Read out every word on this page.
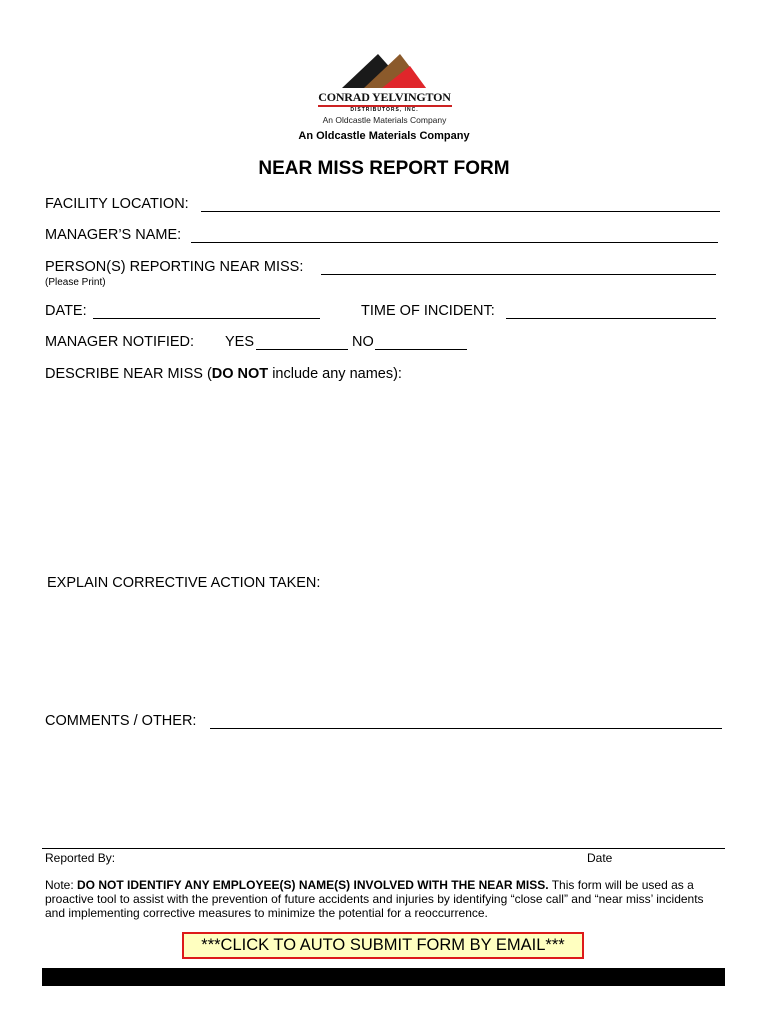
CONRAD YELVINGTON
DISTRIBUTORS, INC.
An Oldcastle Materials Company
An Oldcastle Materials Company
NEAR MISS REPORT FORM
FACILITY LOCATION:
MANAGER’S NAME:
PERSON(S) REPORTING NEAR MISS:
(Please Print)
DATE:	TIME OF INCIDENT:
MANAGER NOTIFIED: YES	NO
DESCRIBE NEAR MISS (DO NOT include any names):
EXPLAIN CORRECTIVE ACTION TAKEN:
COMMENTS / OTHER:
Reported By:	Date
Note: DO NOT IDENTIFY ANY EMPLOYEE(S) NAME(S) INVOLVED WITH THE NEAR MISS. This form will be used as a proactive tool to assist with the prevention of future accidents and injuries by identifying “close call” and “near miss’ incidents and implementing corrective measures to minimize the potential for a reoccurrence.
***CLICK TO AUTO SUBMIT FORM BY EMAIL***
